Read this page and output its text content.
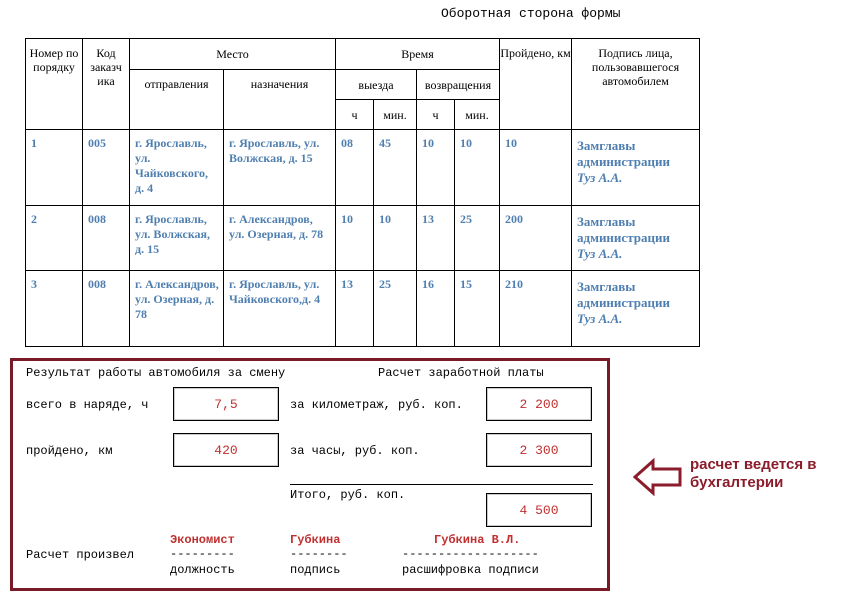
Оборотная сторона формы
Номер по порядку	Код заказч ика	Место		Время				Пройдено, км	Подпись лица, пользовавшегося автомобилем
		отправления	назначения	выезда		возвращения			
				ч	мин.	ч	мин.		
1	005	г. Ярославль, ул. Чайковского, д. 4	г. Ярославль, ул. Волжская, д. 15	08	45	10	10	10	Замглавы администрации
Туз А.А.
2	008	г. Ярославль, ул. Волжская, д. 15	г. Александров, ул. Озерная, д. 78	10	10	13	25	200	Замглавы администрации
Туз А.А.
3	008	г. Александров, ул. Озерная, д. 78	г. Ярославль, ул. Чайковского,д. 4	13	25	16	15	210	Замглавы администрации
Туз А.А.
Результат работы автомобиля за смену	Расчет заработной платы
всего в наряде, ч	7,5	за километраж, руб. коп.	2 200
пройдено, км	420	за часы, руб. коп.	2 300
Итого, руб. коп.
4 500
Экономист	Губкина	Губкина В.Л.
Расчет произвел	---------	--------	-------------------
должность	подпись	расшифровка подписи
расчет ведется в бухгалтерии
